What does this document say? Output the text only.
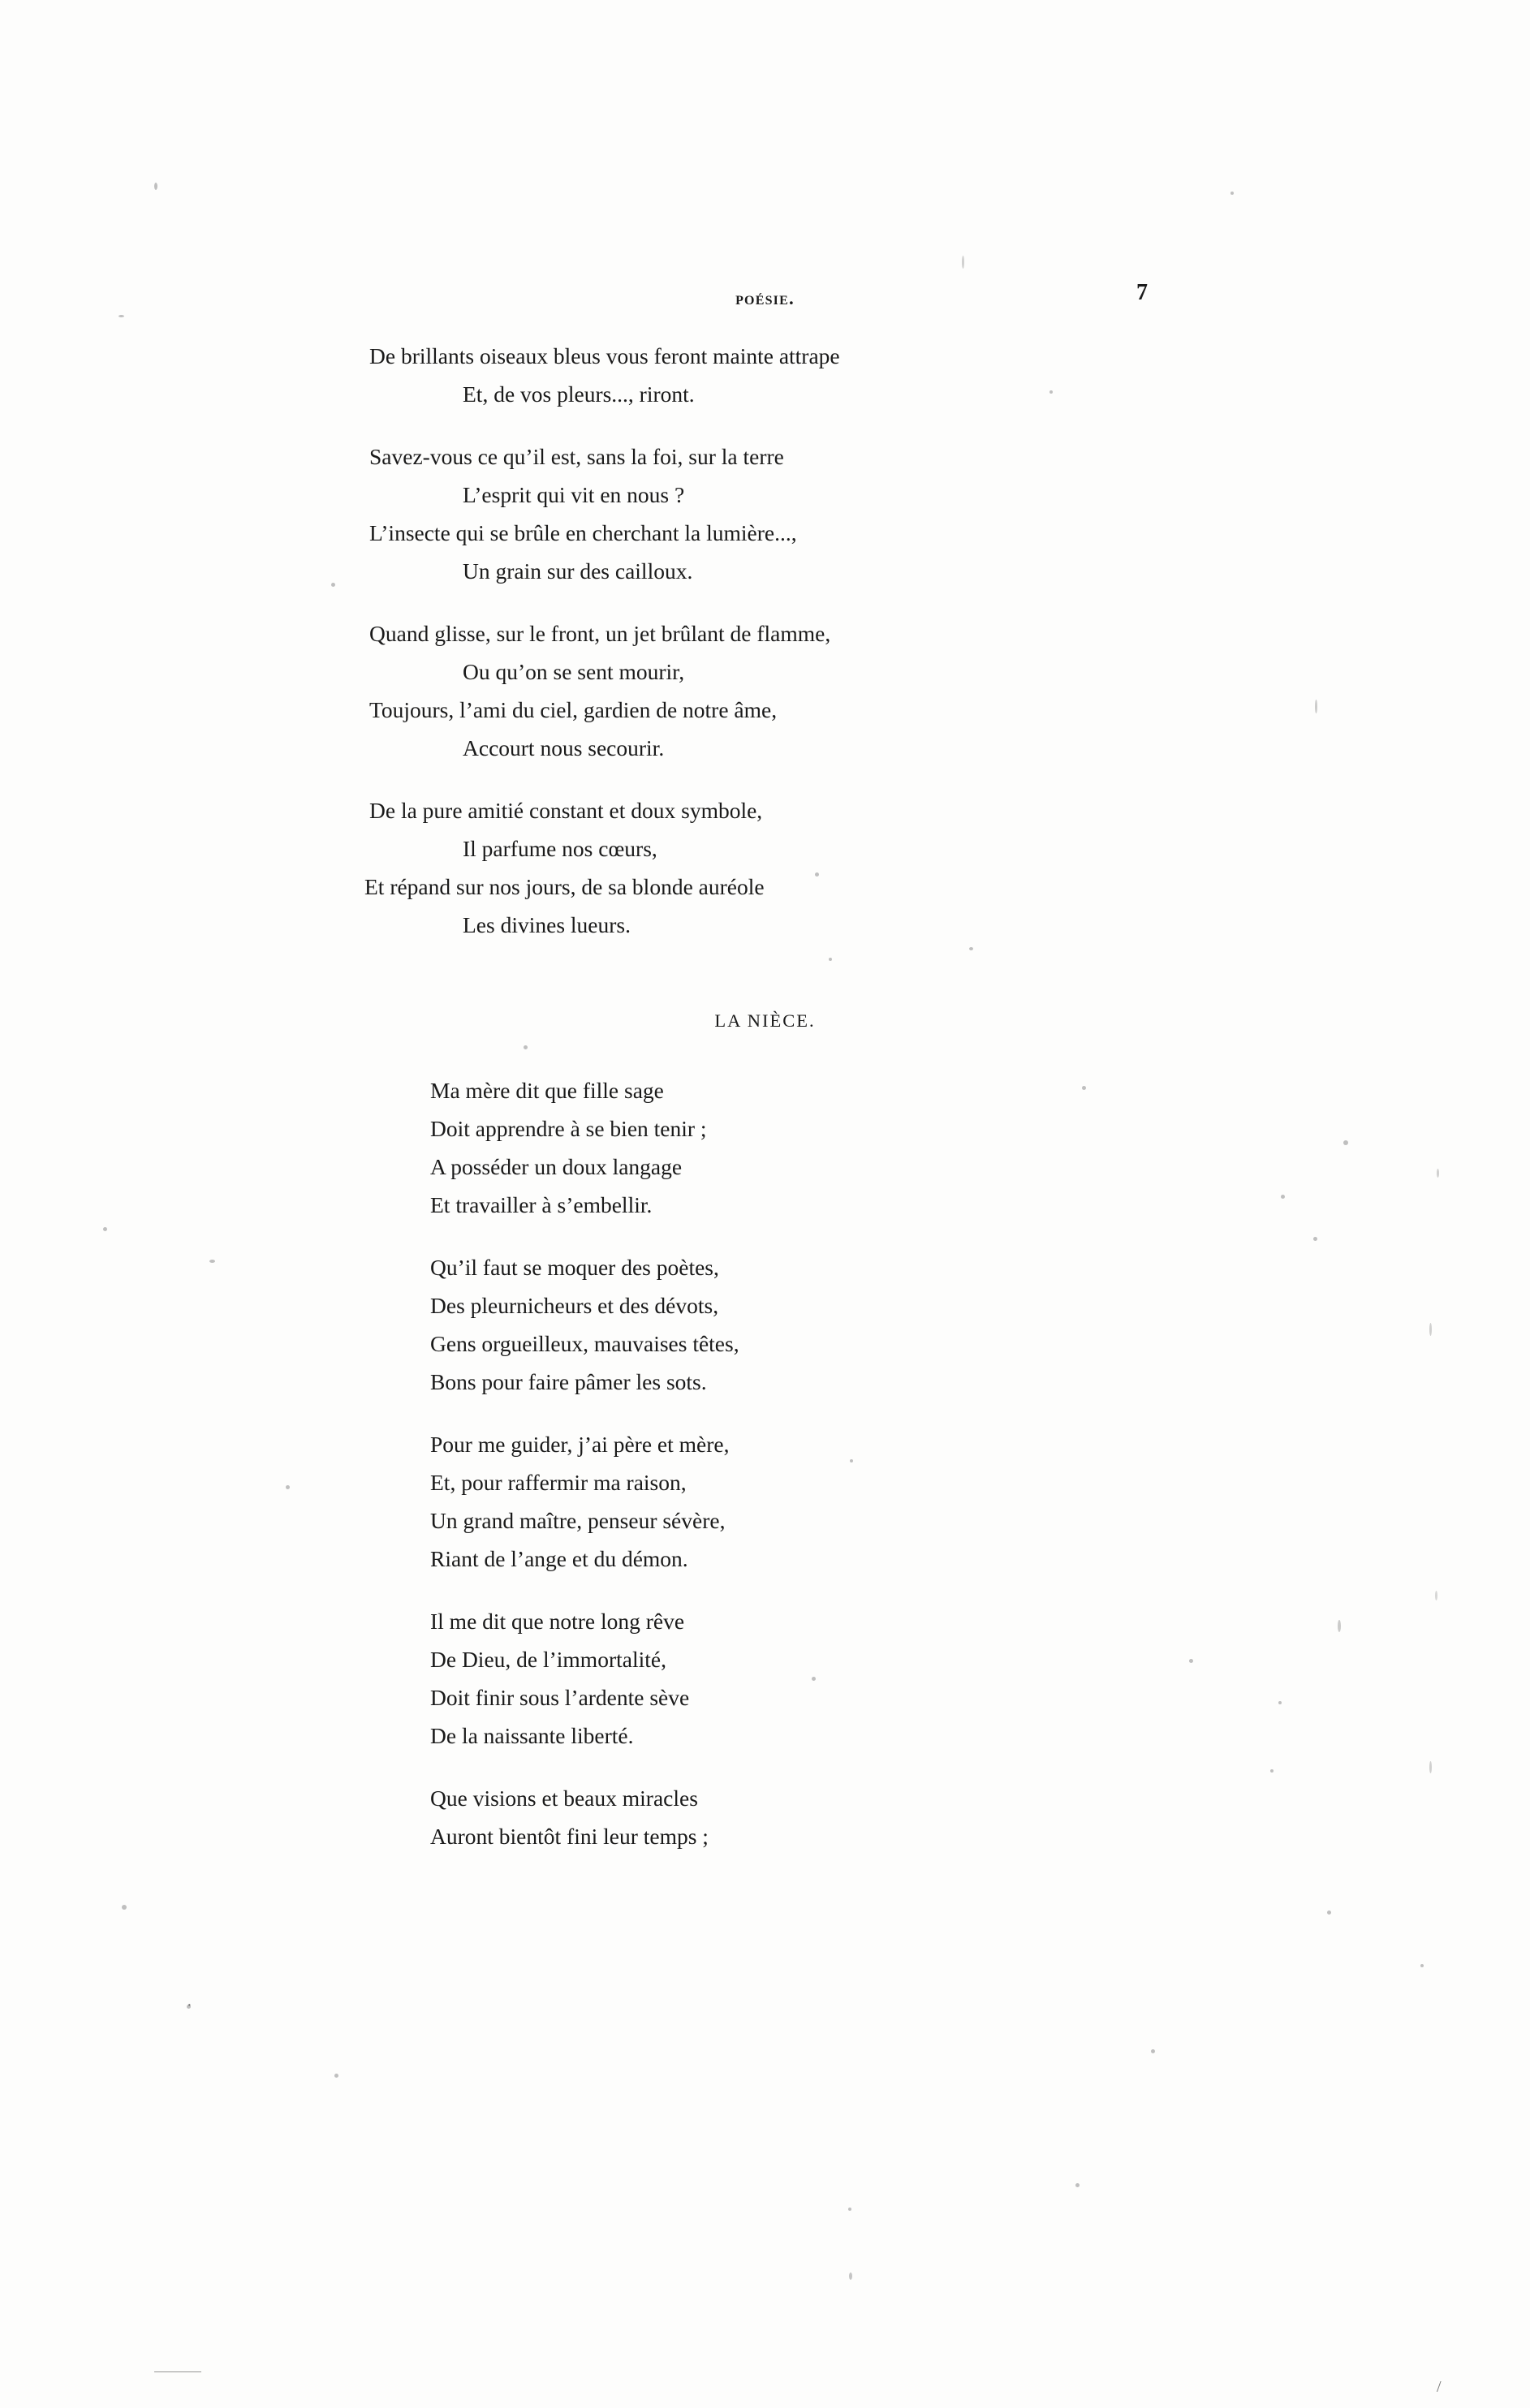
·
/
poésie.	7
De brillants oiseaux bleus vous feront mainte attrape
Et, de vos pleurs..., riront.
Savez-vous ce qu’il est, sans la foi, sur la terre
L’esprit qui vit en nous ?
L’insecte qui se brûle en cherchant la lumière...,
Un grain sur des cailloux.
Quand glisse, sur le front, un jet brûlant de flamme,
Ou qu’on se sent mourir,
Toujours, l’ami du ciel, gardien de notre âme,
Accourt nous secourir.
De la pure amitié constant et doux symbole,
Il parfume nos cœurs,
Et répand sur nos jours, de sa blonde auréole
Les divines lueurs.
LA NIÈCE.
Ma mère dit que fille sage
Doit apprendre à se bien tenir ;
A posséder un doux langage
Et travailler à s’embellir.
Qu’il faut se moquer des poètes,
Des pleurnicheurs et des dévots,
Gens orgueilleux, mauvaises têtes,
Bons pour faire pâmer les sots.
Pour me guider, j’ai père et mère,
Et, pour raffermir ma raison,
Un grand maître, penseur sévère,
Riant de l’ange et du démon.
Il me dit que notre long rêve
De Dieu, de l’immortalité,
Doit finir sous l’ardente sève
De la naissante liberté.
Que visions et beaux miracles
Auront bientôt fini leur temps ;
